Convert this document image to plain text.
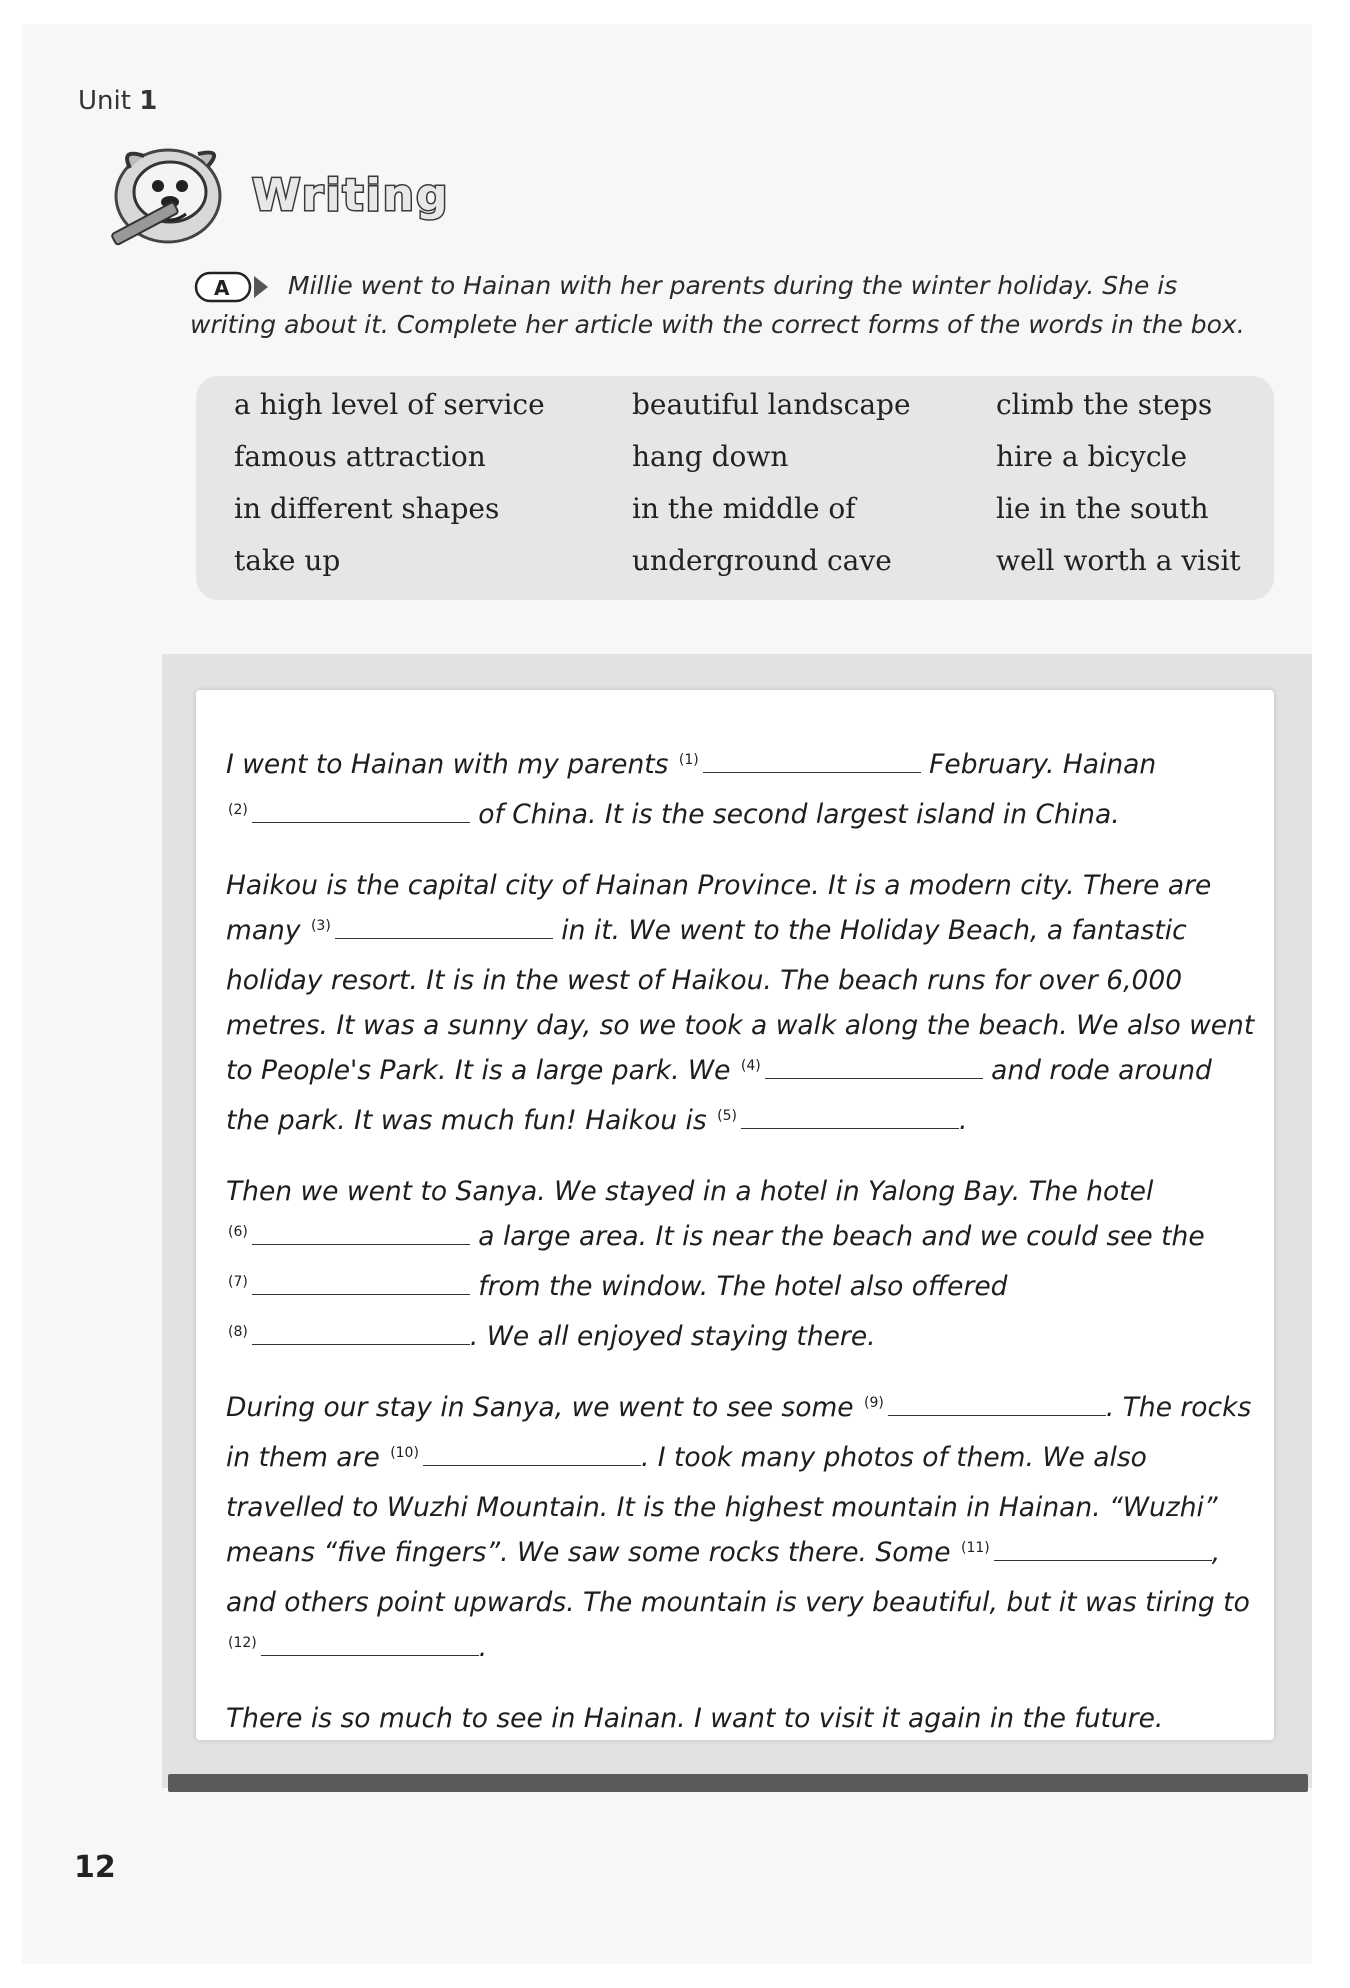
Unit 1
Writing
A	Millie went to Hainan with her parents during the winter holiday. She is writing about it. Complete her article with the correct forms of the words in the box.
a high level of service	beautiful landscape	climb the steps
famous attraction	hang down	hire a bicycle
in different shapes	in the middle of	lie in the south
take up	underground cave	well worth a visit

I went to Hainan with my parents $^{(1)}$	February. Hainan
$^{(2)}$	of China. It is the second largest island in China.

Haikou is the capital city of Hainan Province. It is a modern city. There are many $^{(3)}$	in it. We went to the Holiday Beach, a fantastic holiday resort. It is in the west of Haikou. The beach runs for over 6,000 metres. It was a sunny day, so we took a walk along the beach. We also went to People's Park. It is a large park. We $^{(4)}$	and rode around the park. It was much fun! Haikou is $^{(5)}$	.

Then we went to Sanya. We stayed in a hotel in Yalong Bay. The hotel
$^{(6)}$	a large area. It is near the beach and we could see the
$^{(7)}$	from the window. The hotel also offered
$^{(8)}$	. We all enjoyed staying there.

During our stay in Sanya, we went to see some $^{(9)}$	. The rocks in them are $^{(10)}$	. I took many photos of them. We also travelled to Wuzhi Mountain. It is the highest mountain in Hainan. “Wuzhi” means “five fingers”. We saw some rocks there. Some $^{(11)}$	, and others point upwards. The mountain is very beautiful, but it was tiring to
$^{(12)}$	.

There is so much to see in Hainan. I want to visit it again in the future.

12
